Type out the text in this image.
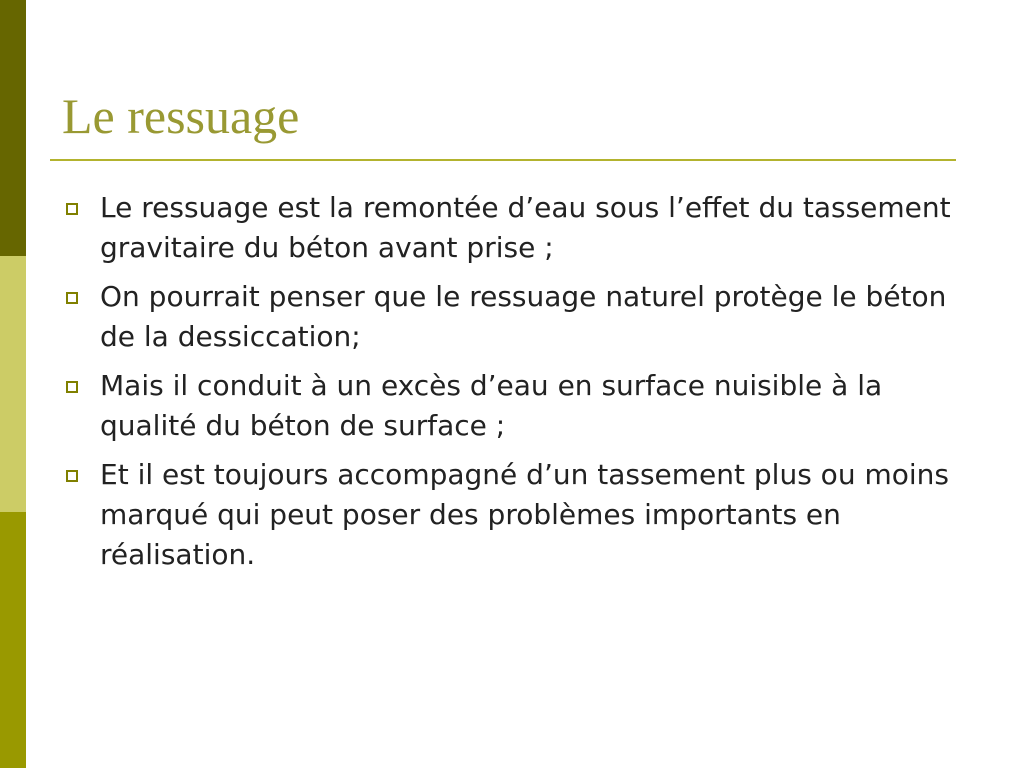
Le ressuage
Le ressuage est la remontée d’eau sous l’effet du tassement gravitaire du béton avant prise ;
On pourrait penser que le ressuage naturel protège le béton de la dessiccation;
Mais il conduit à un excès d’eau en surface nuisible à la qualité du béton de surface ;
Et il est toujours accompagné d’un tassement plus ou moins marqué qui peut poser des problèmes importants en réalisation.
